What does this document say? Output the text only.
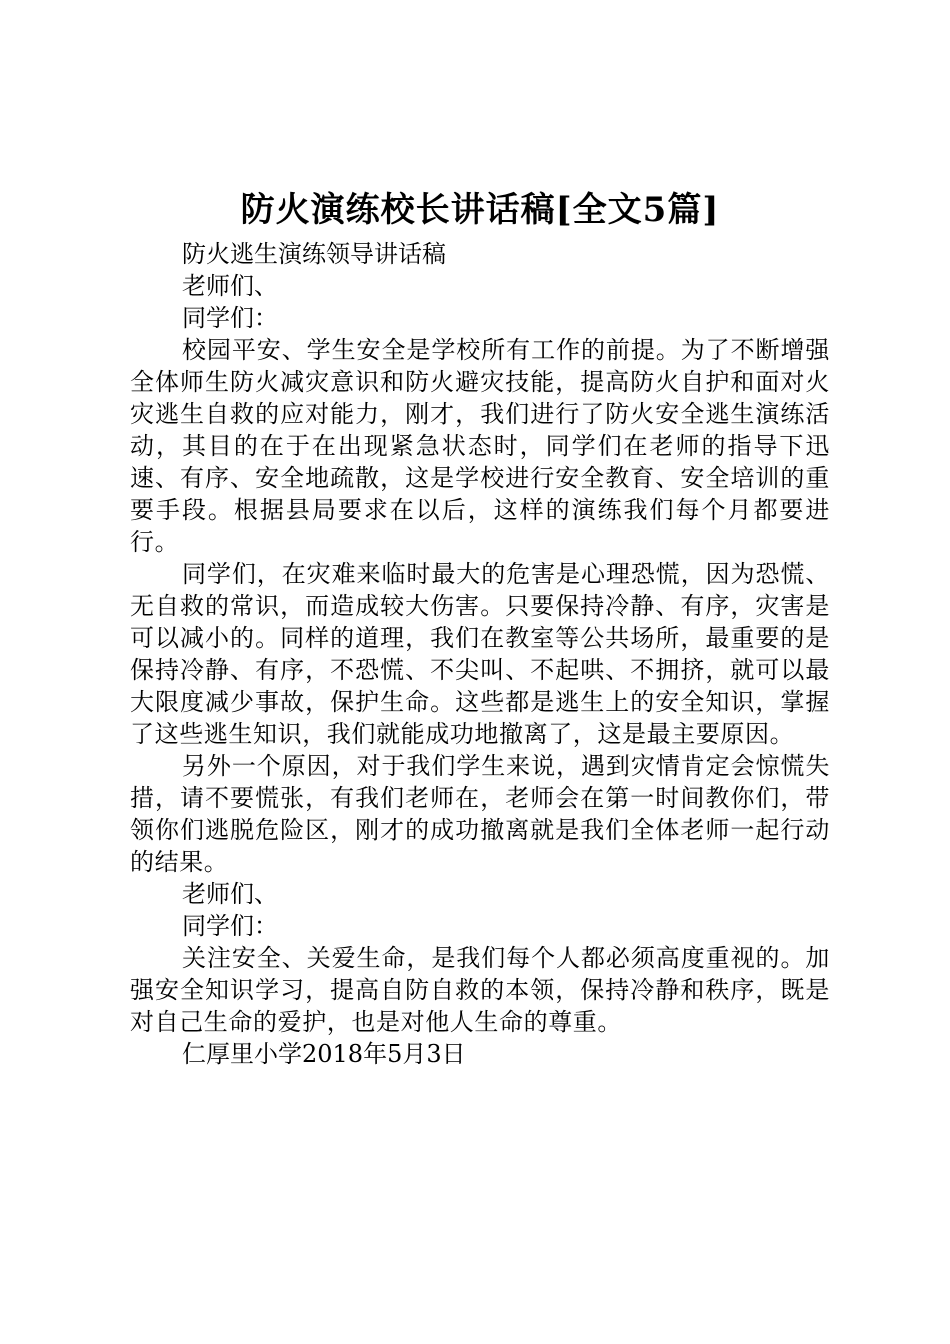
防火演练校长讲话稿[全文5篇]

防火逃生演练领导讲话稿

老师们、

同学们：

校园平安、学生安全是学校所有工作的前提。为了不断增强全体师生防火减灾意识和防火避灾技能，提高防火自护和面对火灾逃生自救的应对能力，刚才，我们进行了防火安全逃生演练活动，其目的在于在出现紧急状态时，同学们在老师的指导下迅速、有序、安全地疏散，这是学校进行安全教育、安全培训的重要手段。根据县局要求在以后，这样的演练我们每个月都要进行。

同学们，在灾难来临时最大的危害是心理恐慌，因为恐慌、无自救的常识，而造成较大伤害。只要保持冷静、有序，灾害是可以减小的。同样的道理，我们在教室等公共场所，最重要的是保持冷静、有序，不恐慌、不尖叫、不起哄、不拥挤，就可以最大限度减少事故，保护生命。这些都是逃生上的安全知识，掌握了这些逃生知识，我们就能成功地撤离了，这是最主要原因。

另外一个原因，对于我们学生来说，遇到灾情肯定会惊慌失措，请不要慌张，有我们老师在，老师会在第一时间教你们，带领你们逃脱危险区，刚才的成功撤离就是我们全体老师一起行动的结果。

老师们、

同学们：

关注安全、关爱生命，是我们每个人都必须高度重视的。加强安全知识学习，提高自防自救的本领，保持冷静和秩序，既是对自己生命的爱护，也是对他人生命的尊重。

仁厚里小学2018年5月3日
